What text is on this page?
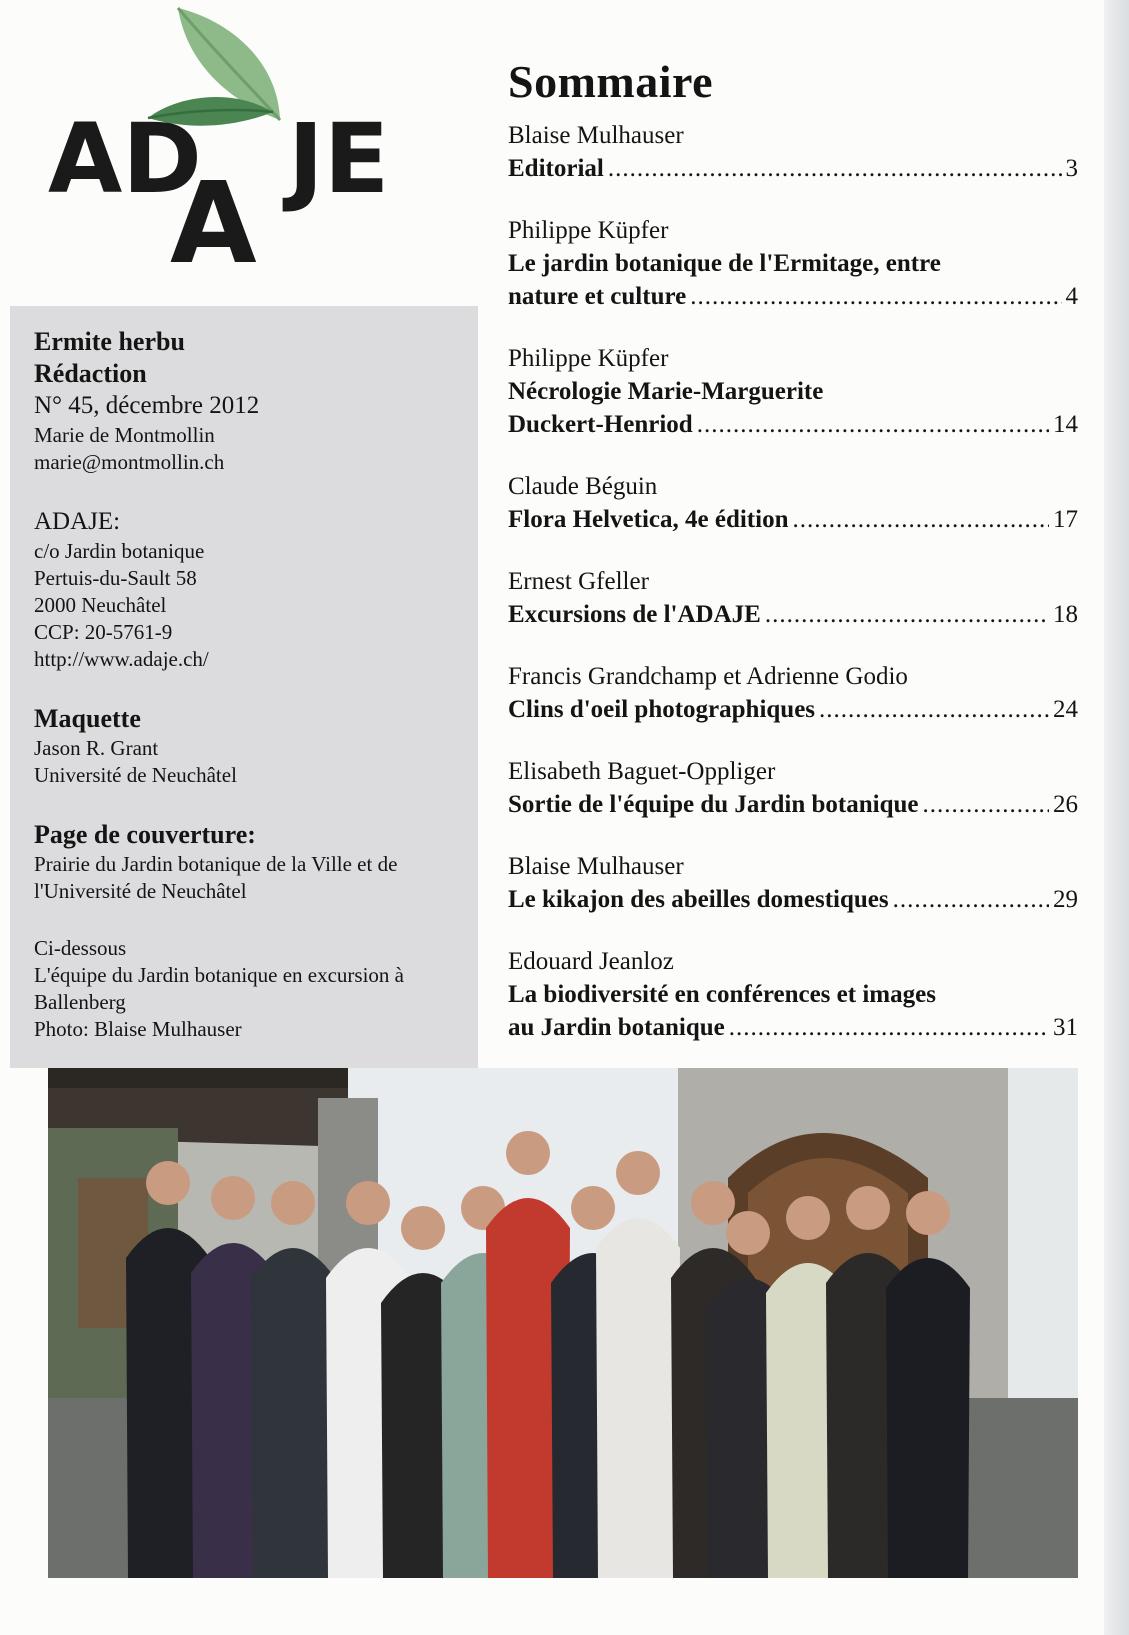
AD JE
A

Ermite herbu

Rédaction

N° 45, décembre 2012

Marie de Montmollin

marie@montmollin.ch

ADAJE:

c/o Jardin botanique

Pertuis-du-Sault 58

2000 Neuchâtel

CCP: 20-5761-9

http://www.adaje.ch/

Maquette

Jason R. Grant

Université de Neuchâtel

Page de couverture:

Prairie du Jardin botanique de la Ville et de l'Université de Neuchâtel

Ci-dessous

L'équipe du Jardin botanique en excursion à Ballenberg

Photo: Blaise Mulhauser

Sommaire
Blaise Mulhauser
Editorial .....	3
Philippe Küpfer
Le jardin botanique de l'Ermitage, entre
nature et culture .....	4
Philippe Küpfer
Nécrologie Marie-Marguerite
Duckert-Henriod .....	14
Claude Béguin
Flora Helvetica, 4e édition .....	17
Ernest Gfeller
Excursions de l'ADAJE .....	18
Francis Grandchamp et Adrienne Godio
Clins d'oeil photographiques .....	24
Elisabeth Baguet-Oppliger
Sortie de l'équipe du Jardin botanique .....	26
Blaise Mulhauser
Le kikajon des abeilles domestiques .....	29
Edouard Jeanloz
La biodiversité en conférences et images
au Jardin botanique .....	31
